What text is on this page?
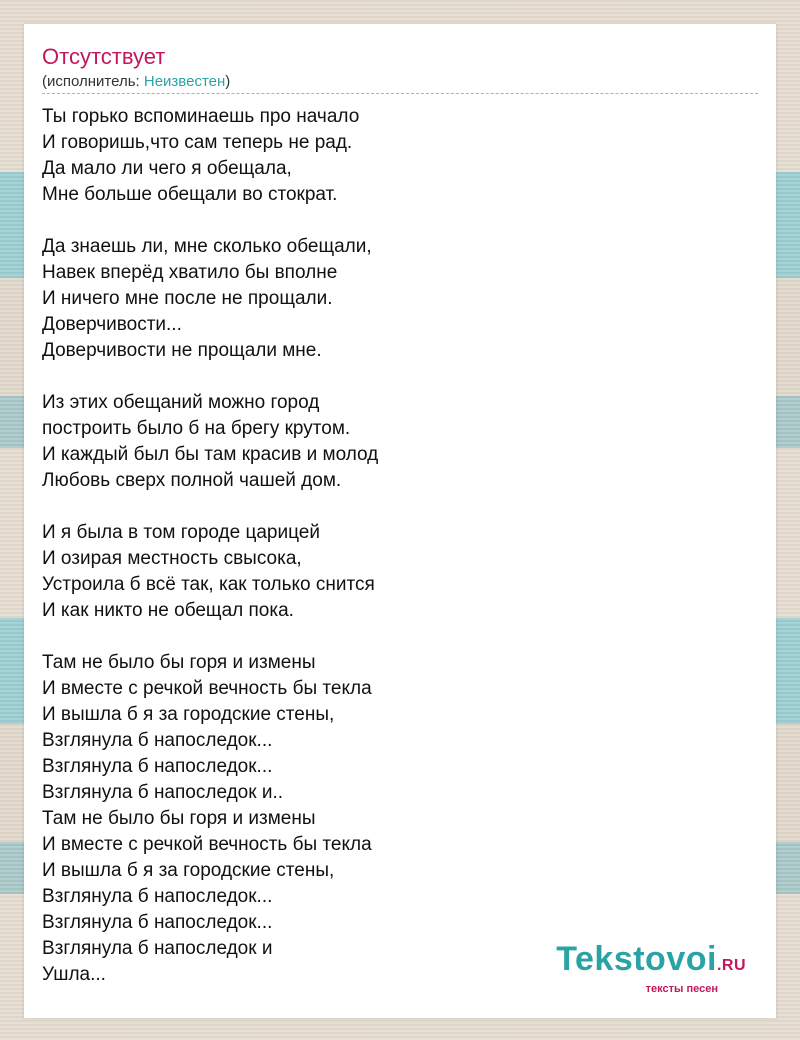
Отсутствует
(исполнитель: Неизвестен)
Ты горько вспоминаешь про начало
И говоришь,что сам теперь не рад.
Да мало ли чего я обещала,
Мне больше обещали во стократ.
Да знаешь ли, мне сколько обещали,
Навек вперёд хватило бы вполне
И ничего мне после не прощали.
Доверчивости...
Доверчивости не прощали мне.
Из этих обещаний можно город
построить было б на брегу крутом.
И каждый был бы там красив и молод
Любовь сверх полной чашей дом.
И я была в том городе царицей
И озирая местность свысока,
Устроила б всё так, как только снится
И как никто не обещал пока.
Там не было бы горя и измены
И вместе с речкой вечность бы текла
И вышла б я за городские стены,
Взглянула б напоследок...
Взглянула б напоследок...
Взглянула б напоследок и..
Там не было бы горя и измены
И вместе с речкой вечность бы текла
И вышла б я за городские стены,
Взглянула б напоследок...
Взглянула б напоследок...
Взглянула б напоследок и
Ушла...	Tekstovoi.RU
тексты песен
